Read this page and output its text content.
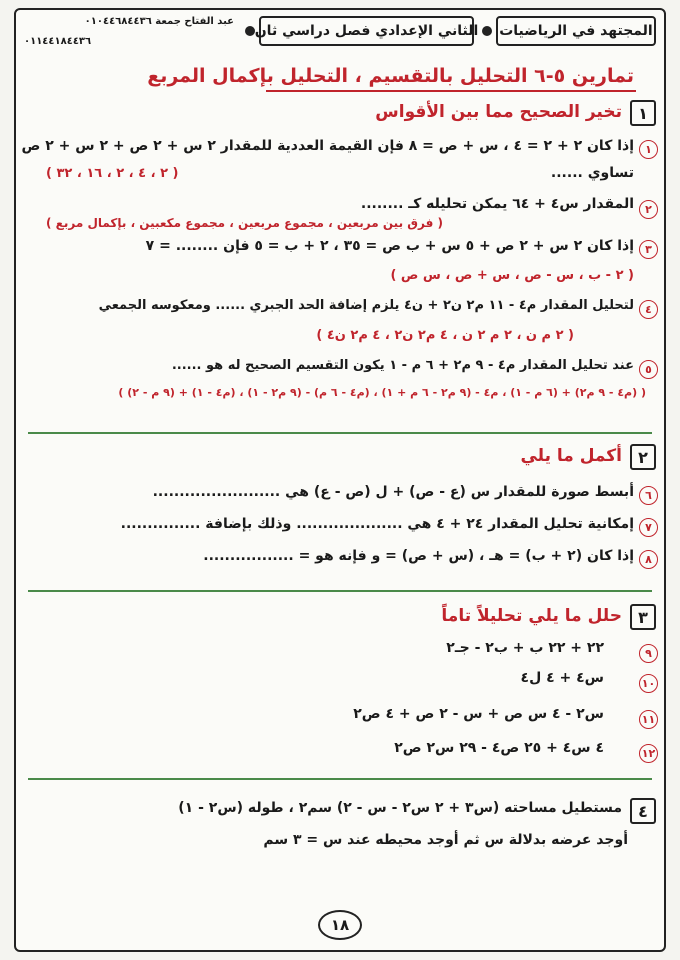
المجتهد في الرياضيات
الثاني الإعدادي فصل دراسي ثان
عبد الفتاح جمعة ٠١٠٤٤٦٨٤٤٣٦
٠١١٤٤١٨٤٤٣٦
تمارين ٥-٦ التحليل بالتقسيم ، التحليل بإكمال المربع
١
تخير الصحيح مما بين الأقواس
١
إذا كان ٢ + ٢ = ٤ ، س + ص = ٨ فإن القيمة العددية للمقدار ٢ س + ٢ ص + ٢ س + ٢ ص
تساوي ......
( ٢ ، ٤ ، ٢ ، ١٦ ، ٣٢ )
٢
المقدار س٤ + ٦٤ يمكن تحليله كـ ........
( فرق بين مربعين ، مجموع مربعين ، مجموع مكعبين ، بإكمال مربع )
٣
إذا كان ٢ س + ٢ ص + ٥ س + ب ص = ٣٥ ، ٢ + ب = ٥ فإن ........ = ٧
( ٢ - ب ، س - ص ، س + ص ، س ص )
٤
لتحليل المقدار م٤ - ١١ م٢ ن٢ + ن٤ يلزم إضافة الحد الجبري ...... ومعكوسه الجمعي
( ٢ م ن ، ٢ م ٢ ن ، ٤ م٢ ن٢ ، ٤ م٢ ن٤ )
٥
عند تحليل المقدار م٤ - ٩ م٢ + ٦ م - ١ يكون التقسيم الصحيح له هو ......
( (م٤ - ٩ م٢) + (٦ م - ١) ، م٤ - (٩ م٢ - ٦ م + ١) ، (م٤ - ٦ م) - (٩ م٢ - ١) ، (م٤ - ١) + (٩ م - ٢) )
٢
أكمل ما يلي
٦
أبسط صورة للمقدار س (ع - ص) + ل (ص - ع) هي ........................
٧
إمكانية تحليل المقدار ٢٤ + ٤ هي .................... وذلك بإضافة ...............
٨
إذا كان (٢ + ب) = هـ ، (س + ص) = و فإنه هو = .................
٣
حلل ما يلي تحليلاً تاماً
٩
٢٢ + ٢٢ ب + ب٢ - جـ٢
١٠
س٤ + ٤ ل٤
١١
س٢ - ٤ س ص + س - ٢ ص + ٤ ص٢
١٢
٤ س٤ + ٢٥ ص٤ - ٢٩ س٢ ص٢
٤
مستطيل مساحته (س٣ + ٢ س٢ - س - ٢) سم٢ ، طوله (س٢ - ١)
أوجد عرضه بدلالة س ثم أوجد محيطه عند س = ٣ سم
١٨
